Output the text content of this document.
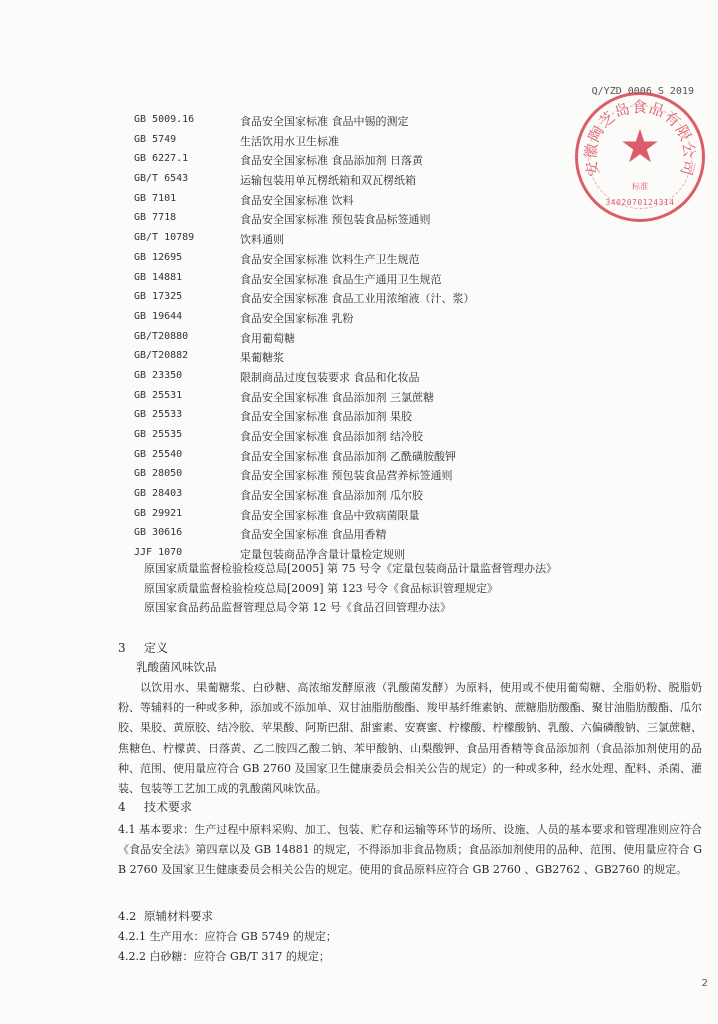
Q/YZD 0006 S 2019
安徽陶芝岛食品有限公司
★
标准
3402070124314
GB 5009.16	食品安全国家标准 食品中锡的测定
GB 5749	生活饮用水卫生标准
GB 6227.1	食品安全国家标准 食品添加剂 日落黄
GB/T 6543	运输包装用单瓦楞纸箱和双瓦楞纸箱
GB 7101	食品安全国家标准 饮料
GB 7718	食品安全国家标准 预包装食品标签通则
GB/T 10789	饮料通则
GB 12695	食品安全国家标准 饮料生产卫生规范
GB 14881	食品安全国家标准 食品生产通用卫生规范
GB 17325	食品安全国家标准 食品工业用浓缩液（汁、浆）
GB 19644	食品安全国家标准 乳粉
GB/T20880	食用葡萄糖
GB/T20882	果葡糖浆
GB 23350	限制商品过度包装要求 食品和化妆品
GB 25531	食品安全国家标准 食品添加剂 三氯蔗糖
GB 25533	食品安全国家标准 食品添加剂 果胶
GB 25535	食品安全国家标准 食品添加剂 结冷胶
GB 25540	食品安全国家标准 食品添加剂 乙酰磺胺酸钾
GB 28050	食品安全国家标准 预包装食品营养标签通则
GB 28403	食品安全国家标准 食品添加剂 瓜尔胶
GB 29921	食品安全国家标准 食品中致病菌限量
GB 30616	食品安全国家标准 食品用香精
JJF 1070	定量包装商品净含量计量检定规则
原国家质量监督检验检疫总局[2005] 第 75 号令《定量包装商品计量监督管理办法》
原国家质量监督检验检疫总局[2009] 第 123 号令《食品标识管理规定》
原国家食品药品监督管理总局令第 12 号《食品召回管理办法》
3 定义
乳酸菌风味饮品
以饮用水、果葡糖浆、白砂糖、高浓缩发酵原液（乳酸菌发酵）为原料，使用或不使用葡萄糖、全脂奶粉、脱脂奶粉、等辅料的一种或多种，添加或不添加单、双甘油脂肪酸酯、羧甲基纤维素钠、蔗糖脂肪酸酯、聚甘油脂肪酸酯、瓜尔胶、果胶、黄原胶、结冷胶、苹果酸、阿斯巴甜、甜蜜素、安赛蜜、柠檬酸、柠檬酸钠、乳酸、六偏磷酸钠、三氯蔗糖、焦糖色、柠檬黄、日落黄、乙二胺四乙酸二钠、苯甲酸钠、山梨酸钾、食品用香精等食品添加剂（食品添加剂使用的品种、范围、使用量应符合 GB 2760 及国家卫生健康委员会相关公告的规定）的一种或多种，经水处理、配料、杀菌、灌装、包装等工艺加工成的乳酸菌风味饮品。
4 技术要求
4.1 基本要求：生产过程中原料采购、加工、包装、贮存和运输等环节的场所、设施、人员的基本要求和管理准则应符合《食品安全法》第四章以及 GB 14881 的规定，不得添加非食品物质；食品添加剂使用的品种、范围、使用量应符合 GB 2760 及国家卫生健康委员会相关公告的规定。使用的食品原料应符合 GB 2760 、GB2762 、GB2760 的规定。
4.2 原辅材料要求
4.2.1 生产用水：应符合 GB 5749 的规定；
4.2.2 白砂糖：应符合 GB/T 317 的规定；
2
